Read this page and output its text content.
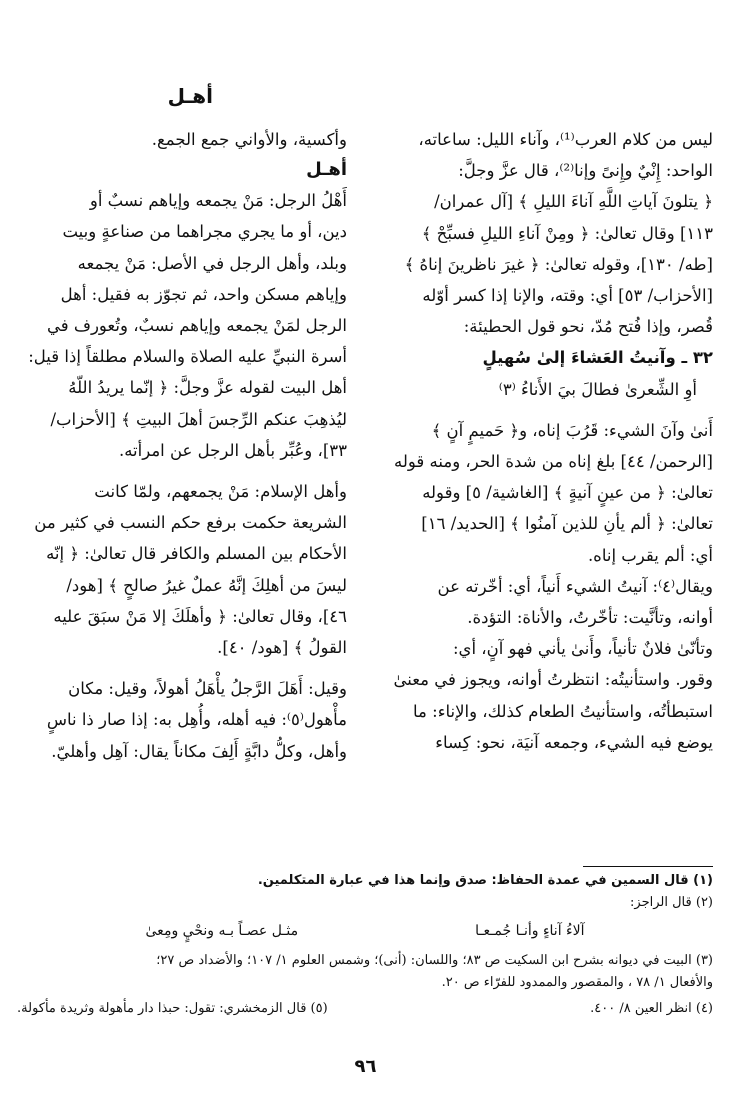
أهـل

ليس من كلام العرب⁽¹⁾، وآناء الليل: ساعاته،

الواحد: إِنْيٌ وإِنىً وإنا⁽²⁾، قال عزَّ وجلَّ:

﴿ يتلونَ آياتِ اللَّهِ آناءَ الليلِ ﴾ [آل عمران/

١١٣] وقال تعالىٰ: ﴿ ومِنْ آناءِ الليلِ فسبِّحْ ﴾

[طه/ ١٣٠]، وقوله تعالىٰ: ﴿ غيرَ ناظرينَ إناهُ ﴾

[الأحزاب/ ٥٣] أي: وقته، والإنا إذا كسر أوّله

قُصر، وإذا فُتح مُدّ، نحو قول الحطيئة:

٣٢ ـ وآنيتُ العَشاءَ إلىٰ سُهيلٍ

أوِ الشِّعرىٰ فطالَ بيَ الأَناءُ ⁽٣⁾

أَنىٰ وآنَ الشيء: قَرُبَ إناه، و﴿ حَميمٍ آنٍ ﴾

[الرحمن/ ٤٤] بلغ إناه من شدة الحر، ومنه قوله

تعالىٰ: ﴿ من عينٍ آنيةٍ ﴾ [الغاشية/ ٥] وقوله

تعالىٰ: ﴿ ألم يأنِ للذين آمنُوا ﴾ [الحديد/ ١٦]

أي: ألم يقرب إناه.

ويقال⁽٤⁾: آنيتُ الشيء أَنياً، أي: أخّرته عن

أوانه، وتأنَّيت: تأخّرتُ، والأناة: التؤدة.

وتأنّىٰ فلانٌ تأنياً، وأَنىٰ يأني فهو آنٍ، أي:

وقور. واستأنيتُه: انتظرتُ أوانه، ويجوز في معنىٰ

استبطأتُه، واستأنيتُ الطعام كذلك، والإناء: ما

يوضع فيه الشيء، وجمعه آنيَة، نحو: كِساء

وأكسية، والأواني جمع الجمع.

أهـل

أَهْلُ الرجل: مَنْ يجمعه وإياهم نسبٌ أو

دين، أو ما يجري مجراهما من صناعةٍ وبيت

وبلد، وأهل الرجل في الأصل: مَنْ يجمعه

وإياهم مسكن واحد، ثم تجوّز به فقيل: أهل

الرجل لمَنْ يجمعه وإياهم نسبٌ، وتُعورف في

أسرة النبيِّ عليه الصلاة والسلام مطلقاً إذا قيل:

أهل البيت لقوله عزَّ وجلَّ: ﴿ إنّما يريدُ اللّهُ

ليُذهِبَ عنكم الرِّجسَ أهلَ البيتِ ﴾ [الأحزاب/

٣٣]، وعُبِّر بأهل الرجل عن امرأته.

وأهل الإسلام: مَنْ يجمعهم، ولمّا كانت

الشريعة حكمت برفع حكم النسب في كثير من

الأحكام بين المسلم والكافر قال تعالىٰ: ﴿ إنّه

ليسَ من أهلِكَ إنَّهُ عملٌ غيرُ صالحٍ ﴾ [هود/

٤٦]، وقال تعالىٰ: ﴿ وأهلَكَ إلا مَنْ سبَقَ عليه

القولُ ﴾ [هود/ ٤٠].

وقيل: أَهَلَ الرَّجلُ يأْهَلُ أهولاً، وقيل: مكان

مأْهول⁽٥⁾: فيه أهله، وأُهِل به: إذا صار ذا ناسٍ

وأهل، وكلُّ دابَّةٍ أَلِفَ مكاناً يقال: آهِل وأهليّ.

(١) قال السمين في عمدة الحفاظ: صدق وإنما هذا في عبارة المتكلمين.

(٢) قال الراجز:

آلاءُ آناءٍ وأنـا جُمـعـا
مثـل عصـاً بـه ونحْيٍ ومِعىٰ

(٣) البيت في ديوانه بشرح ابن السكيت ص ٨٣؛ واللسان: (أنى)؛ وشمس العلوم ١/ ١٠٧؛ والأضداد ص ٢٧؛

والأفعال ١/ ٧٨ ، والمقصور والممدود للفرّاء ص ٢٠.

(٤) انظر العين ٨/ ٤٠٠.
(٥) قال الزمخشري: تقول: حبذا دار مأهولة وثريدة مأكولة.
٩٦
